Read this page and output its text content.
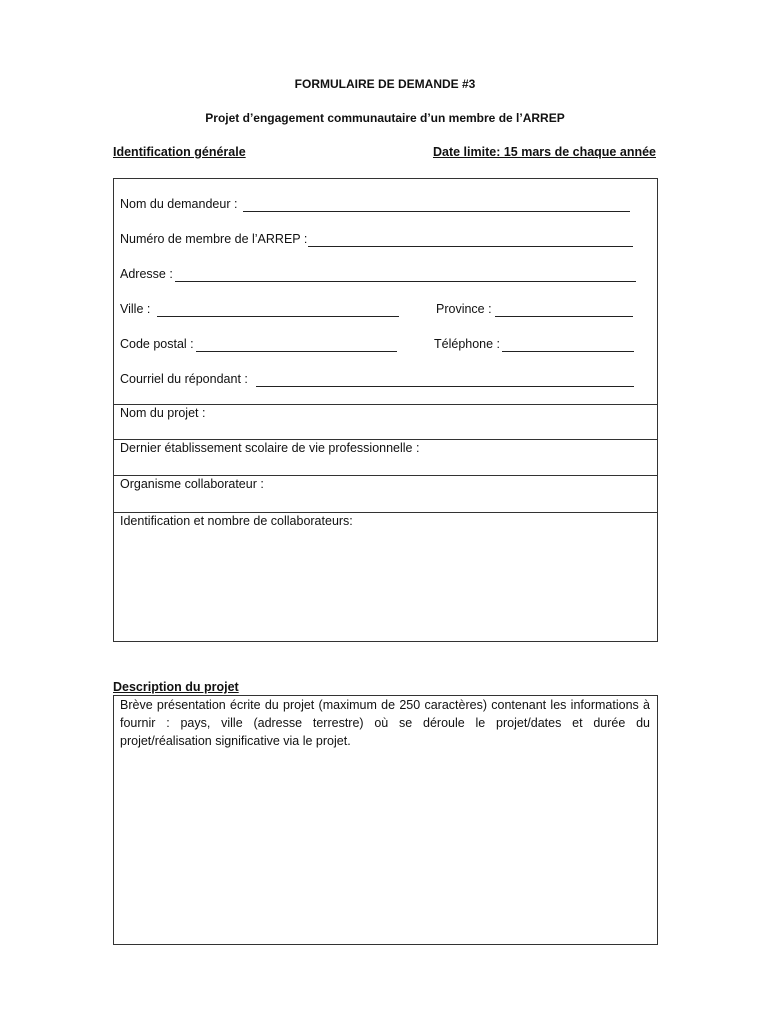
FORMULAIRE DE DEMANDE #3
Projet d’engagement communautaire d’un membre de l’ARREP
Identification générale	Date limite: 15 mars de chaque année
Nom du demandeur :
Numéro de membre de l’ARREP :
Adresse :
Ville :	Province :
Code postal :	Téléphone :
Courriel du répondant :
Nom du projet :
Dernier établissement scolaire de vie professionnelle :
Organisme collaborateur :
Identification et nombre de collaborateurs:
Description du projet
Brève présentation écrite du projet (maximum de 250 caractères) contenant les informations à fournir : pays, ville (adresse terrestre) où se déroule le projet/dates et durée du projet/réalisation significative via le projet.
